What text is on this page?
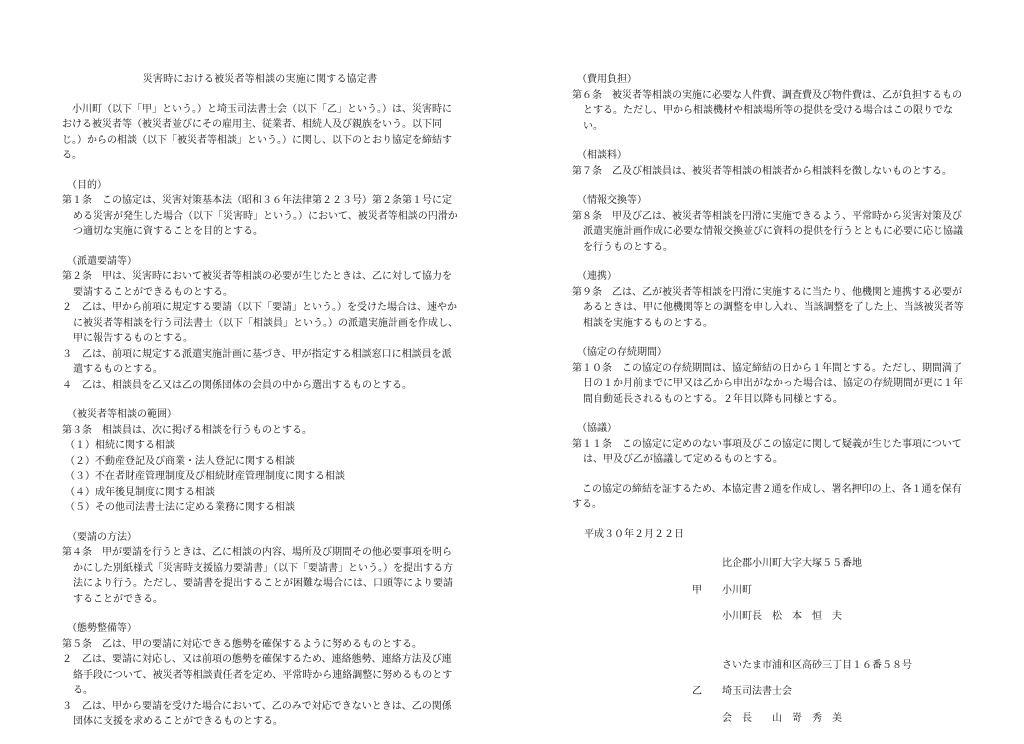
災害時における被災者等相談の実施に関する協定書

小川町（以下「甲」という。）と埼玉司法書士会（以下「乙」という。）は、災害時における被災者等（被災者並びにその雇用主、従業者、相続人及び親族をいう。以下同じ。）からの相談（以下「被災者等相談」という。）に関し、以下のとおり協定を締結する。

（目的）

第１条　この協定は、災害対策基本法（昭和３６年法律第２２３号）第２条第１号に定める災害が発生した場合（以下「災害時」という。）において、被災者等相談の円滑かつ適切な実施に資することを目的とする。

（派遣要請等）

第２条　甲は、災害時において被災者等相談の必要が生じたときは、乙に対して協力を要請することができるものとする。

２　乙は、甲から前項に規定する要請（以下「要請」という。）を受けた場合は、速やかに被災者等相談を行う司法書士（以下「相談員」という。）の派遣実施計画を作成し、甲に報告するものとする。

３　乙は、前項に規定する派遣実施計画に基づき、甲が指定する相談窓口に相談員を派遣するものとする。

４　乙は、相談員を乙又は乙の関係団体の会員の中から選出するものとする。

（被災者等相談の範囲）

第３条　相談員は、次に掲げる相談を行うものとする。

（１）相続に関する相談

（２）不動産登記及び商業・法人登記に関する相談

（３）不在者財産管理制度及び相続財産管理制度に関する相談

（４）成年後見制度に関する相談

（５）その他司法書士法に定める業務に関する相談

（要請の方法）

第４条　甲が要請を行うときは、乙に相談の内容、場所及び期間その他必要事項を明らかにした別紙様式「災害時支援協力要請書」（以下「要請書」という。）を提出する方法により行う。ただし、要請書を提出することが困難な場合には、口頭等により要請することができる。

（態勢整備等）

第５条　乙は、甲の要請に対応できる態勢を確保するように努めるものとする。

２　乙は、要請に対応し、又は前項の態勢を確保するため、連絡態勢、連絡方法及び連絡手段について、被災者等相談責任者を定め、平常時から連絡調整に努めるものとする。

３　乙は、甲から要請を受けた場合において、乙のみで対応できないときは、乙の関係団体に支援を求めることができるものとする。

（費用負担）

第６条　被災者等相談の実施に必要な人件費、調査費及び物件費は、乙が負担するものとする。ただし、甲から相談機材や相談場所等の提供を受ける場合はこの限りでない。

（相談料）

第７条　乙及び相談員は、被災者等相談の相談者から相談料を徴しないものとする。

（情報交換等）

第８条　甲及び乙は、被災者等相談を円滑に実施できるよう、平常時から災害対策及び派遣実施計画作成に必要な情報交換並びに資料の提供を行うとともに必要に応じ協議を行うものとする。

（連携）

第９条　乙は、乙が被災者等相談を円滑に実施するに当たり、他機関と連携する必要があるときは、甲に他機関等との調整を申し入れ、当該調整を了した上、当該被災者等相談を実施するものとする。

（協定の存続期間）

第１０条　この協定の存続期間は、協定締結の日から１年間とする。ただし、期間満了日の１か月前までに甲又は乙から申出がなかった場合は、協定の存続期間が更に１年間自動延長されるものとする。２年目以降も同様とする。

（協議）

第１１条　この協定に定めのない事項及びこの協定に関して疑義が生じた事項については、甲及び乙が協議して定めるものとする。

この協定の締結を証するため、本協定書２通を作成し、署名押印の上、各１通を保有する。

平成３０年２月２２日

比企郡小川町大字大塚５５番地

甲 小川町

小川町長　松　本　恒　夫

さいたま市浦和区高砂三丁目１６番５８号

乙 埼玉司法書士会

会　長　　山　嵜　秀　美
